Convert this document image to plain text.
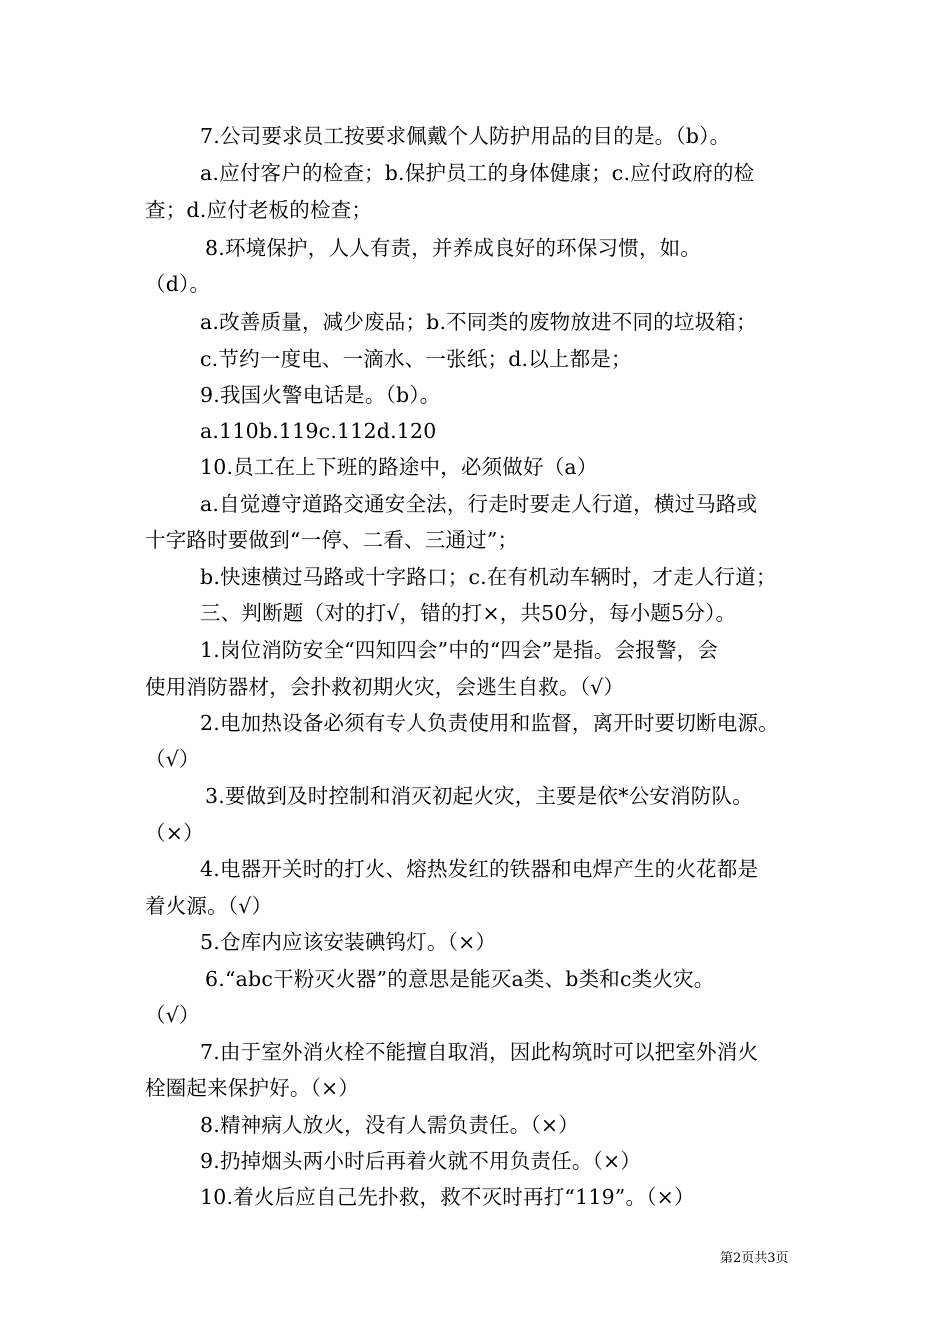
7.公司要求员工按要求佩戴个人防护用品的目的是。（b）。
a.应付客户的检查；b.保护员工的身体健康；c.应付政府的检
查；d.应付老板的检查；
8.环境保护，人人有责，并养成良好的环保习惯，如。
（d）。
a.改善质量，减少废品；b.不同类的废物放进不同的垃圾箱；
c.节约一度电、一滴水、一张纸；d.以上都是；
9.我国火警电话是。（b）。
a.110b.119c.112d.120
10.员工在上下班的路途中，必须做好（a）
a.自觉遵守道路交通安全法，行走时要走人行道，横过马路或
十字路时要做到“一停、二看、三通过”；
b.快速横过马路或十字路口；c.在有机动车辆时，才走人行道；
三、判断题（对的打√，错的打×，共50分，每小题5分）。
1.岗位消防安全“四知四会”中的“四会”是指。会报警，会
使用消防器材，会扑救初期火灾，会逃生自救。（√）
2.电加热设备必须有专人负责使用和监督，离开时要切断电源。
（√）
3.要做到及时控制和消灭初起火灾，主要是依*公安消防队。
（×）
4.电器开关时的打火、熔热发红的铁器和电焊产生的火花都是
着火源。（√）
5.仓库内应该安装碘钨灯。（×）
6.“abc干粉灭火器”的意思是能灭a类、b类和c类火灾。
（√）
7.由于室外消火栓不能擅自取消，因此构筑时可以把室外消火
栓圈起来保护好。（×）
8.精神病人放火，没有人需负责任。（×）
9.扔掉烟头两小时后再着火就不用负责任。（×）
10.着火后应自己先扑救，救不灭时再打“119”。（×）
第2页共3页
